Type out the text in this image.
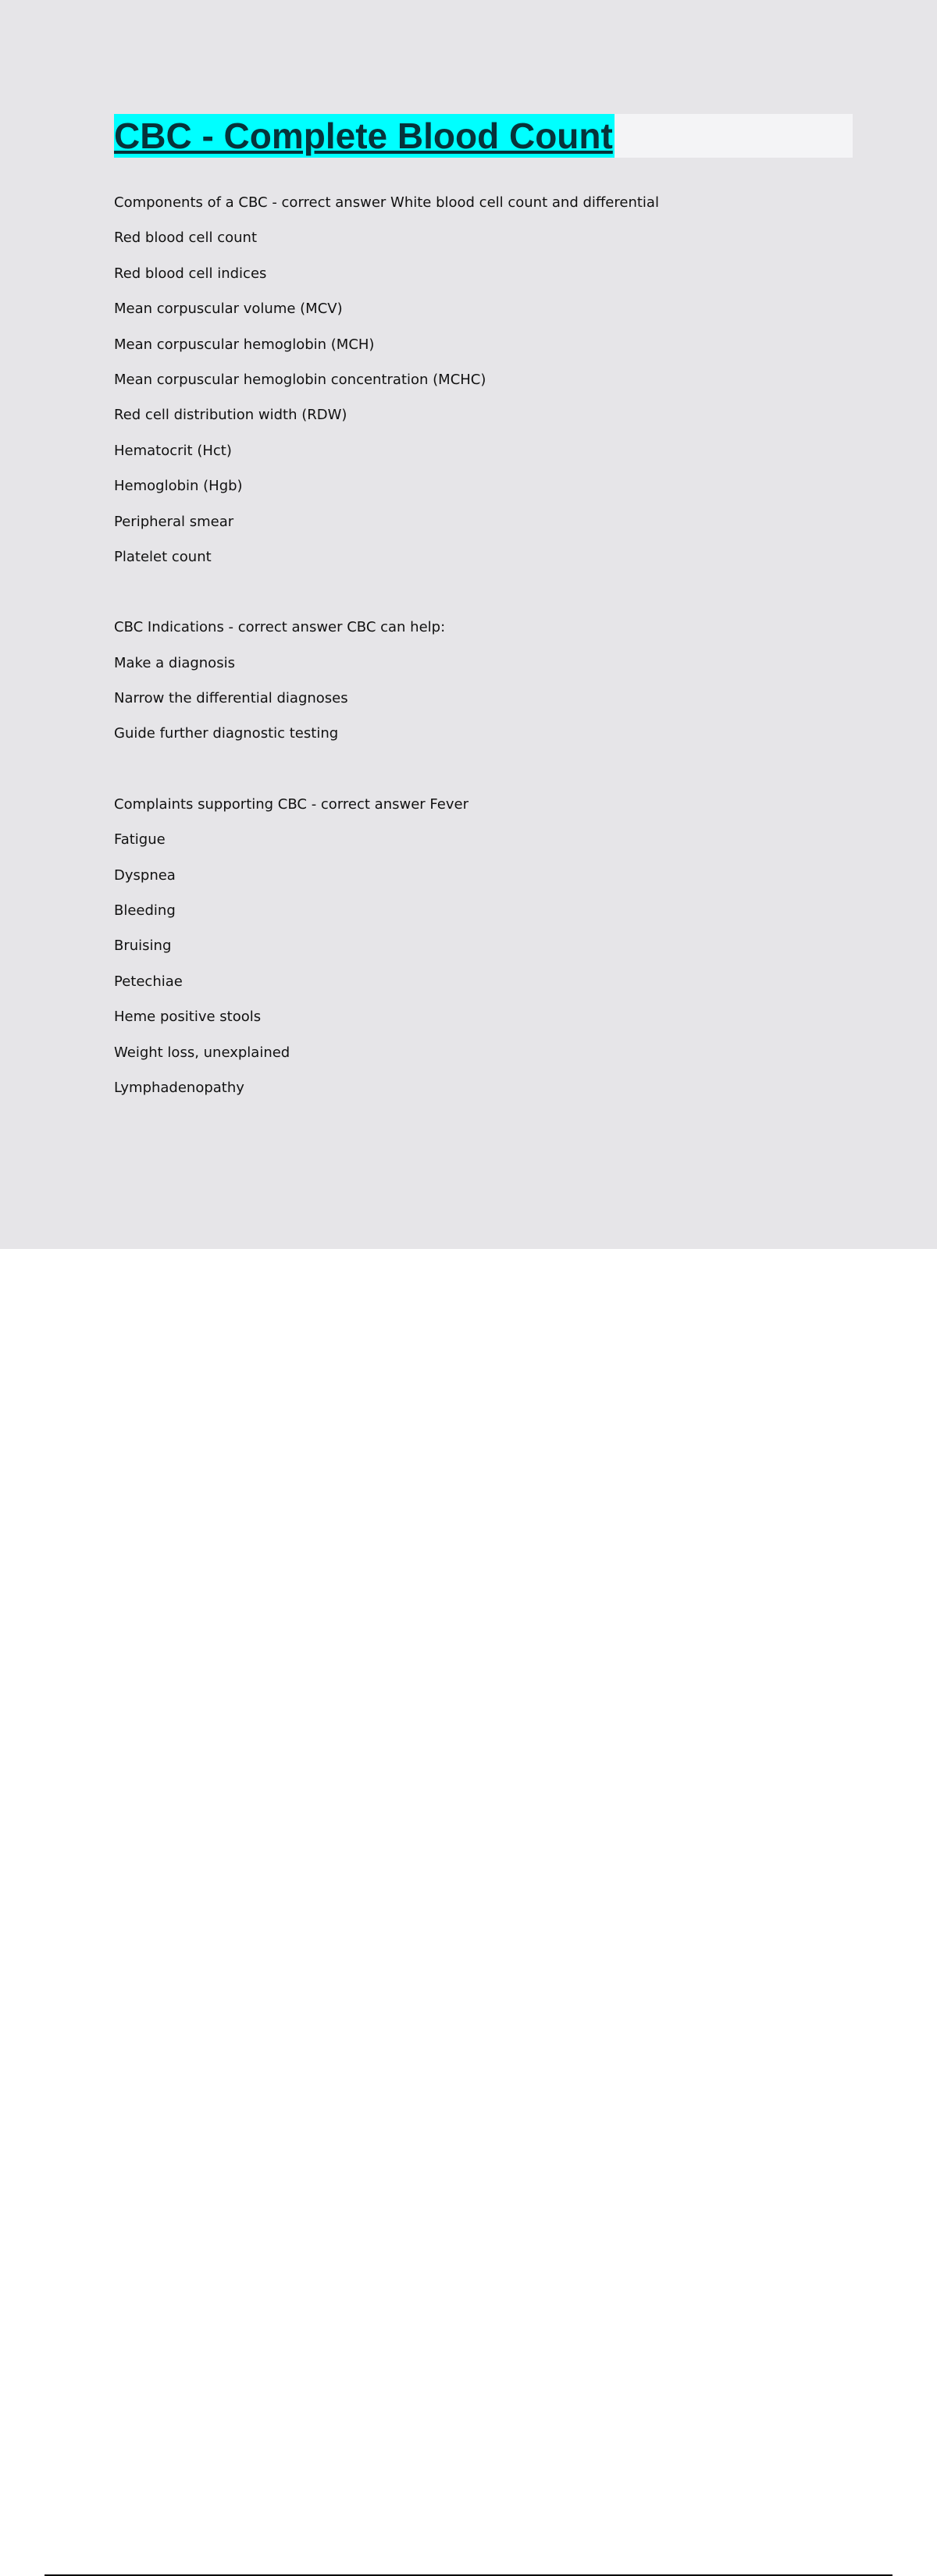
CBC - Complete Blood Count
Components of a CBC - correct answer White blood cell count and differential
Red blood cell count
Red blood cell indices
Mean corpuscular volume (MCV)
Mean corpuscular hemoglobin (MCH)
Mean corpuscular hemoglobin concentration (MCHC)
Red cell distribution width (RDW)
Hematocrit (Hct)
Hemoglobin (Hgb)
Peripheral smear
Platelet count
CBC Indications - correct answer CBC can help:
Make a diagnosis
Narrow the differential diagnoses
Guide further diagnostic testing
Complaints supporting CBC - correct answer Fever
Fatigue
Dyspnea
Bleeding
Bruising
Petechiae
Heme positive stools
Weight loss, unexplained
Lymphadenopathy
